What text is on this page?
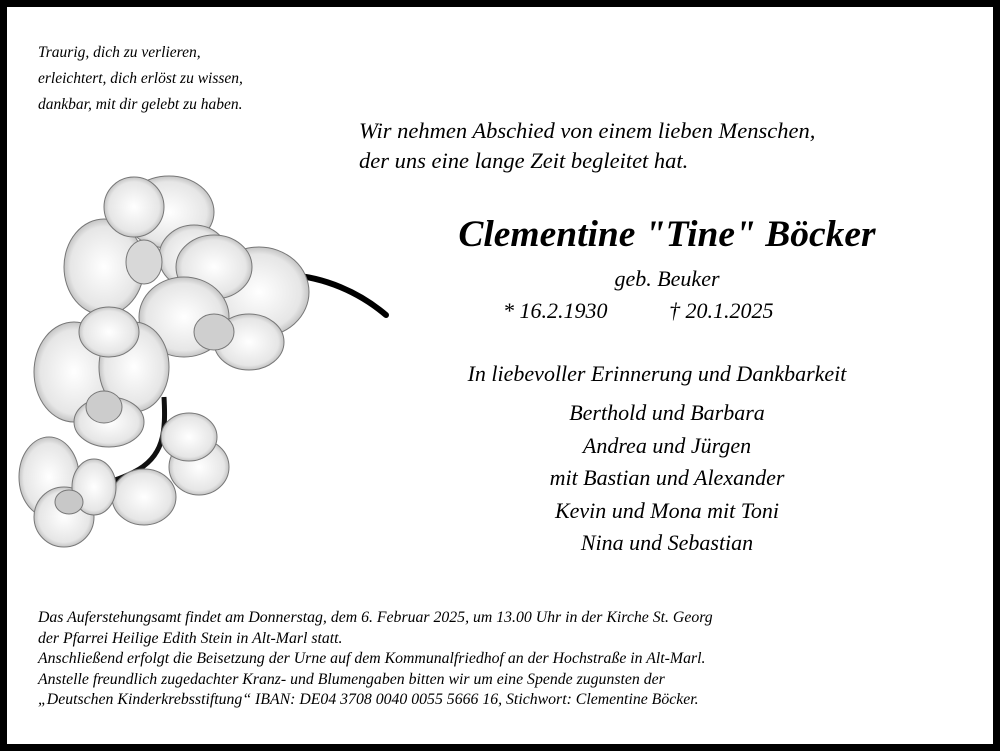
Traurig, dich zu verlieren,
erleichtert, dich erlöst zu wissen,
dankbar, mit dir gelebt zu haben.
Wir nehmen Abschied von einem lieben Menschen,
der uns eine lange Zeit begleitet hat.
Clementine "Tine" Böcker
geb. Beuker
* 16.2.1930	† 20.1.2025
In liebevoller Erinnerung und Dankbarkeit
Berthold und Barbara
Andrea und Jürgen
mit Bastian und Alexander
Kevin und Mona mit Toni
Nina und Sebastian
Das Auferstehungsamt findet am Donnerstag, dem 6. Februar 2025, um 13.00 Uhr in der Kirche St. Georg
der Pfarrei Heilige Edith Stein in Alt-Marl statt.
Anschließend erfolgt die Beisetzung der Urne auf dem Kommunalfriedhof an der Hochstraße in Alt-Marl.
Anstelle freundlich zugedachter Kranz- und Blumengaben bitten wir um eine Spende zugunsten der
„Deutschen Kinderkrebsstiftung“ IBAN: DE04 3708 0040 0055 5666 16, Stichwort: Clementine Böcker.
